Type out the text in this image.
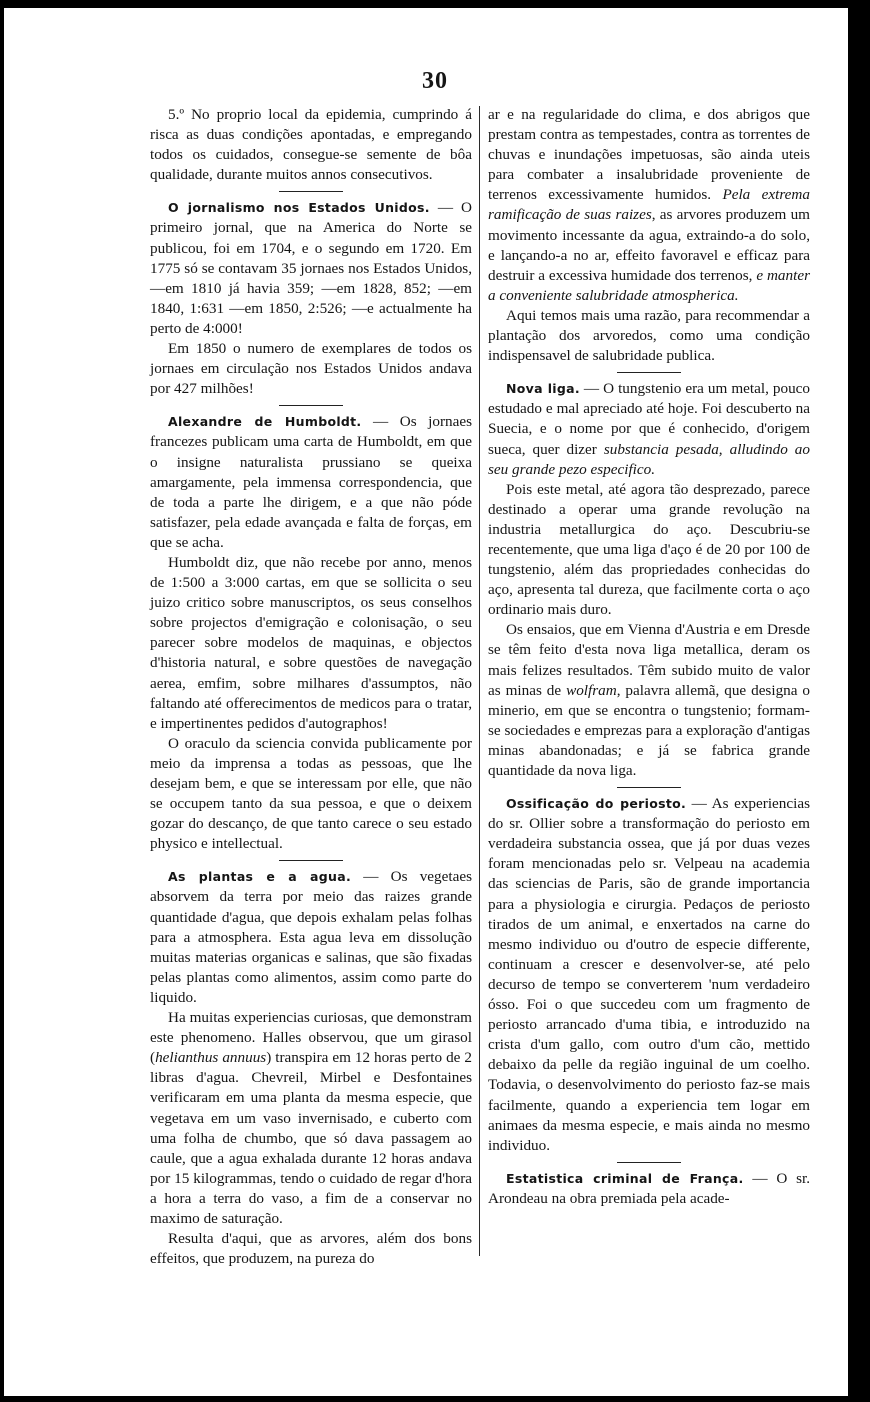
30

5.º No proprio local da epidemia, cumprindo á risca as duas condições apontadas, e empregando todos os cuidados, consegue-se semente de bôa qualidade, durante muitos annos consecutivos.

O jornalismo nos Estados Unidos. — O primeiro jornal, que na America do Norte se publicou, foi em 1704, e o segundo em 1720. Em 1775 só se contavam 35 jornaes nos Estados Unidos,—em 1810 já havia 359; —em 1828, 852; —em 1840, 1:631 —em 1850, 2:526; —e actualmente ha perto de 4:000!

Em 1850 o numero de exemplares de todos os jornaes em circulação nos Estados Unidos andava por 427 milhões!

Alexandre de Humboldt. — Os jornaes francezes publicam uma carta de Humboldt, em que o insigne naturalista prussiano se queixa amargamente, pela immensa correspondencia, que de toda a parte lhe dirigem, e a que não póde satisfazer, pela edade avançada e falta de forças, em que se acha.

Humboldt diz, que não recebe por anno, menos de 1:500 a 3:000 cartas, em que se sollicita o seu juizo critico sobre manuscriptos, os seus conselhos sobre projectos d'emigração e colonisação, o seu parecer sobre modelos de maquinas, e objectos d'historia natural, e sobre questões de navegação aerea, emfim, sobre milhares d'assumptos, não faltando até offerecimentos de medicos para o tratar, e impertinentes pedidos d'autographos!

O oraculo da sciencia convida publicamente por meio da imprensa a todas as pessoas, que lhe desejam bem, e que se interessam por elle, que não se occupem tanto da sua pessoa, e que o deixem gozar do descanço, de que tanto carece o seu estado physico e intellectual.

As plantas e a agua. — Os vegetaes absorvem da terra por meio das raizes grande quantidade d'agua, que depois exhalam pelas folhas para a atmosphera. Esta agua leva em dissolução muitas materias organicas e salinas, que são fixadas pelas plantas como alimentos, assim como parte do liquido.

Ha muitas experiencias curiosas, que demonstram este phenomeno. Halles observou, que um girasol (helianthus annuus) transpira em 12 horas perto de 2 libras d'agua. Chevreil, Mirbel e Desfontaines verificaram em uma planta da mesma especie, que vegetava em um vaso invernisado, e cuberto com uma folha de chumbo, que só dava passagem ao caule, que a agua exhalada durante 12 horas andava por 15 kilogrammas, tendo o cuidado de regar d'hora a hora a terra do vaso, a fim de a conservar no maximo de saturação.

Resulta d'aqui, que as arvores, além dos bons effeitos, que produzem, na pureza do

ar e na regularidade do clima, e dos abrigos que prestam contra as tempestades, contra as torrentes de chuvas e inundações impetuosas, são ainda uteis para combater a insalubridade proveniente de terrenos excessivamente humidos. Pela extrema ramificação de suas raizes, as arvores produzem um movimento incessante da agua, extraindo-a do solo, e lançando-a no ar, effeito favoravel e efficaz para destruir a excessiva humidade dos terrenos, e manter a conveniente salubridade atmospherica.

Aqui temos mais uma razão, para recommendar a plantação dos arvoredos, como uma condição indispensavel de salubridade publica.

Nova liga. — O tungstenio era um metal, pouco estudado e mal apreciado até hoje. Foi descuberto na Suecia, e o nome por que é conhecido, d'origem sueca, quer dizer substancia pesada, alludindo ao seu grande pezo especifico.

Pois este metal, até agora tão desprezado, parece destinado a operar uma grande revolução na industria metallurgica do aço. Descubriu-se recentemente, que uma liga d'aço é de 20 por 100 de tungstenio, além das propriedades conhecidas do aço, apresenta tal dureza, que facilmente corta o aço ordinario mais duro.

Os ensaios, que em Vienna d'Austria e em Dresde se têm feito d'esta nova liga metallica, deram os mais felizes resultados. Têm subido muito de valor as minas de wolfram, palavra allemã, que designa o minerio, em que se encontra o tungstenio; formam-se sociedades e emprezas para a exploração d'antigas minas abandonadas; e já se fabrica grande quantidade da nova liga.

Ossificação do periosto. — As experiencias do sr. Ollier sobre a transformação do periosto em verdadeira substancia ossea, que já por duas vezes foram mencionadas pelo sr. Velpeau na academia das sciencias de Paris, são de grande importancia para a physiologia e cirurgia. Pedaços de periosto tirados de um animal, e enxertados na carne do mesmo individuo ou d'outro de especie differente, continuam a crescer e desenvolver-se, até pelo decurso de tempo se converterem 'num verdadeiro ósso. Foi o que succedeu com um fragmento de periosto arrancado d'uma tibia, e introduzido na crista d'um gallo, com outro d'um cão, mettido debaixo da pelle da região inguinal de um coelho. Todavia, o desenvolvimento do periosto faz-se mais facilmente, quando a experiencia tem logar em animaes da mesma especie, e mais ainda no mesmo individuo.

Estatistica criminal de França. — O sr. Arondeau na obra premiada pela acade-
